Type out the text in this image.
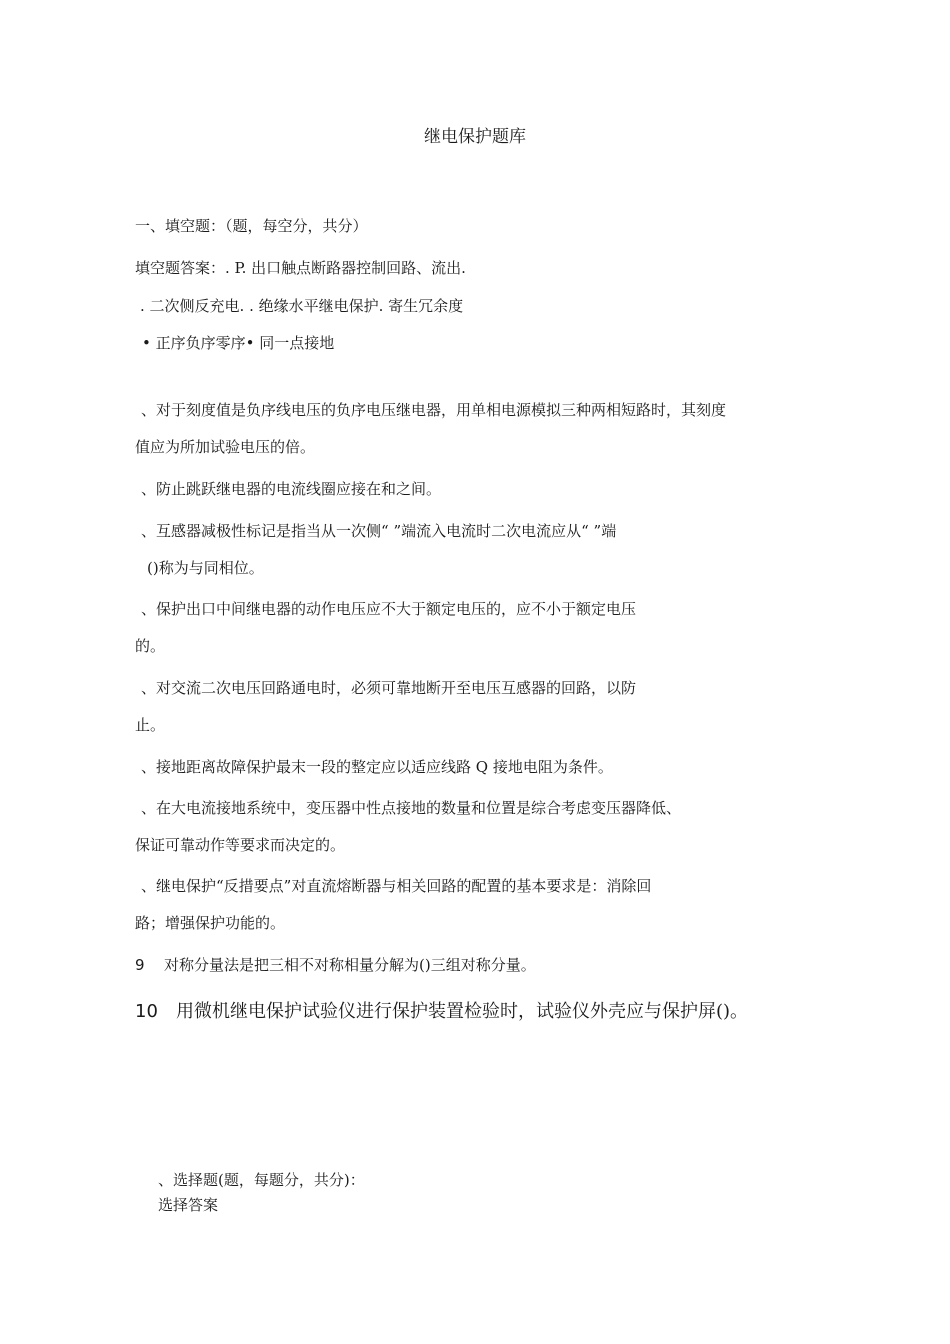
继电保护题库
一、填空题：（题，每空分，共分）
填空题答案：. P. 出口触点断路器控制回路、流出.
. 二次侧反充电. . 绝缘水平继电保护. 寄生冗余度
• 正序负序零序• 同一点接地
、对于刻度值是负序线电压的负序电压继电器，用单相电源模拟三种两相短路时，其刻度
值应为所加试验电压的倍。
、防止跳跃继电器的电流线圈应接在和之间。
、互感器减极性标记是指当从一次侧“ ”端流入电流时二次电流应从“ ”端
()称为与同相位。
、保护出口中间继电器的动作电压应不大于额定电压的，应不小于额定电压
的。
、对交流二次电压回路通电时，必须可靠地断开至电压互感器的回路，以防
止。
、接地距离故障保护最末一段的整定应以适应线路 Q 接地电阻为条件。
、在大电流接地系统中，变压器中性点接地的数量和位置是综合考虑变压器降低、
保证可靠动作等要求而决定的。
、继电保护“反措要点”对直流熔断器与相关回路的配置的基本要求是：消除回
路；增强保护功能的。
9 对称分量法是把三相不对称相量分解为()三组对称分量。
10 用微机继电保护试验仪进行保护装置检验时，试验仪外壳应与保护屏()。
、选择题(题，每题分，共分)：
选择答案
